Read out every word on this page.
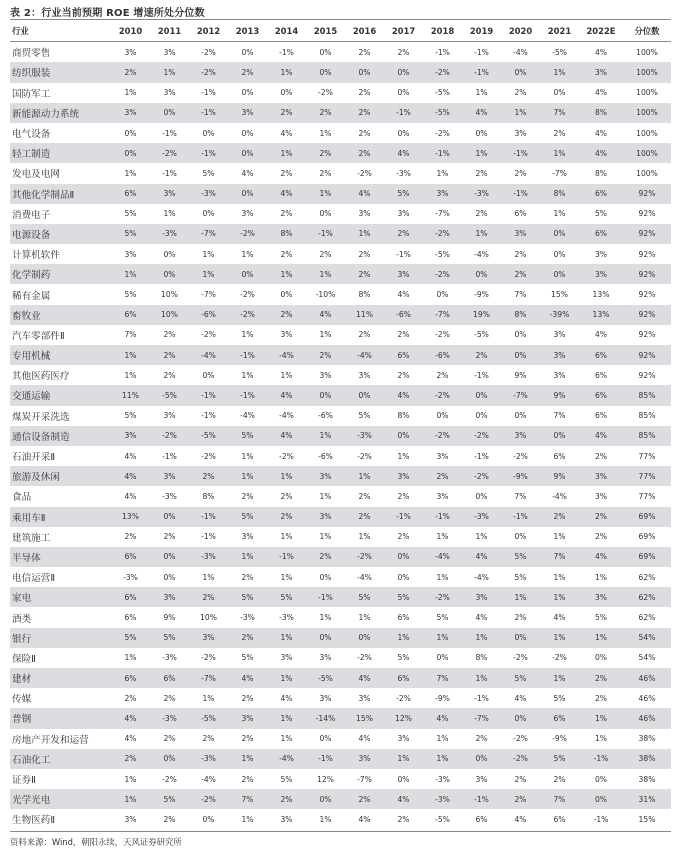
表 2：行业当前预期 ROE 增速所处分位数
行业	2010	2011	2012	2013	2014	2015	2016	2017	2018	2019	2020	2021	2022E	分位数
商贸零售	3%	3%	-2%	0%	-1%	0%	2%	2%	-1%	-1%	-4%	-5%	4%	100%
纺织服装	2%	1%	-2%	2%	1%	0%	0%	0%	-2%	-1%	0%	1%	3%	100%
国防军工	1%	3%	-1%	0%	0%	-2%	2%	0%	-5%	1%	2%	0%	4%	100%
新能源动力系统	3%	0%	-1%	3%	2%	2%	2%	-1%	-5%	4%	1%	7%	8%	100%
电气设备	0%	-1%	0%	0%	4%	1%	2%	0%	-2%	0%	3%	2%	4%	100%
轻工制造	0%	-2%	-1%	0%	1%	2%	2%	4%	-1%	1%	-1%	1%	4%	100%
发电及电网	1%	-1%	5%	4%	2%	2%	-2%	-3%	1%	2%	2%	-7%	8%	100%
其他化学制品Ⅱ	6%	3%	-3%	0%	4%	1%	4%	5%	3%	-3%	-1%	8%	6%	92%
消费电子	5%	1%	0%	3%	2%	0%	3%	3%	-7%	2%	6%	1%	5%	92%
电源设备	5%	-3%	-7%	-2%	8%	-1%	1%	2%	-2%	1%	3%	0%	6%	92%
计算机软件	3%	0%	1%	1%	2%	2%	2%	-1%	-5%	-4%	2%	0%	3%	92%
化学制药	1%	0%	1%	0%	1%	1%	2%	3%	-2%	0%	2%	0%	3%	92%
稀有金属	5%	10%	-7%	-2%	0%	-10%	8%	4%	0%	-9%	7%	15%	13%	92%
畜牧业	6%	10%	-6%	-2%	2%	4%	11%	-6%	-7%	19%	8%	-39%	13%	92%
汽车零部件Ⅱ	7%	2%	-2%	1%	3%	1%	2%	2%	-2%	-5%	0%	3%	4%	92%
专用机械	1%	2%	-4%	-1%	-4%	2%	-4%	6%	-6%	2%	0%	3%	6%	92%
其他医药医疗	1%	2%	0%	1%	1%	3%	3%	2%	2%	-1%	9%	3%	6%	92%
交通运输	11%	-5%	-1%	-1%	4%	0%	0%	4%	-2%	0%	-7%	9%	6%	85%
煤炭开采洗选	5%	3%	-1%	-4%	-4%	-6%	5%	8%	0%	0%	0%	7%	6%	85%
通信设备制造	3%	-2%	-5%	5%	4%	1%	-3%	0%	-2%	-2%	3%	0%	4%	85%
石油开采Ⅱ	4%	-1%	-2%	1%	-2%	-6%	-2%	1%	3%	-1%	-2%	6%	2%	77%
旅游及休闲	4%	3%	2%	1%	1%	3%	1%	3%	2%	-2%	-9%	9%	3%	77%
食品	4%	-3%	8%	2%	2%	1%	2%	2%	3%	0%	7%	-4%	3%	77%
乘用车Ⅱ	13%	0%	-1%	5%	2%	3%	2%	-1%	-1%	-3%	-1%	2%	2%	69%
建筑施工	2%	2%	-1%	3%	1%	1%	1%	2%	1%	1%	0%	1%	2%	69%
半导体	6%	0%	-3%	1%	-1%	2%	-2%	0%	-4%	4%	5%	7%	4%	69%
电信运营Ⅱ	-3%	0%	1%	2%	1%	0%	-4%	0%	1%	-4%	5%	1%	1%	62%
家电	6%	3%	2%	5%	5%	-1%	5%	5%	-2%	3%	1%	1%	3%	62%
酒类	6%	9%	10%	-3%	-3%	1%	1%	6%	5%	4%	2%	4%	5%	62%
银行	5%	5%	3%	2%	1%	0%	0%	1%	1%	1%	0%	1%	1%	54%
保险Ⅱ	1%	-3%	-2%	5%	3%	3%	-2%	5%	0%	8%	-2%	-2%	0%	54%
建材	6%	6%	-7%	4%	1%	-5%	4%	6%	7%	1%	5%	1%	2%	46%
传媒	2%	2%	1%	2%	4%	3%	3%	-2%	-9%	-1%	4%	5%	2%	46%
普钢	4%	-3%	-5%	3%	1%	-14%	15%	12%	4%	-7%	0%	6%	1%	46%
房地产开发和运营	4%	2%	2%	2%	1%	0%	4%	3%	1%	2%	-2%	-9%	1%	38%
石油化工	2%	0%	-3%	1%	-4%	-1%	3%	1%	1%	0%	-2%	5%	-1%	38%
证券Ⅱ	1%	-2%	-4%	2%	5%	12%	-7%	0%	-3%	3%	2%	2%	0%	38%
光学光电	1%	5%	-2%	7%	2%	0%	2%	4%	-3%	-1%	2%	7%	0%	31%
生物医药Ⅱ	3%	2%	0%	1%	3%	1%	4%	2%	-5%	6%	4%	6%	-1%	15%
资料来源：Wind，朝阳永续，天风证券研究所
